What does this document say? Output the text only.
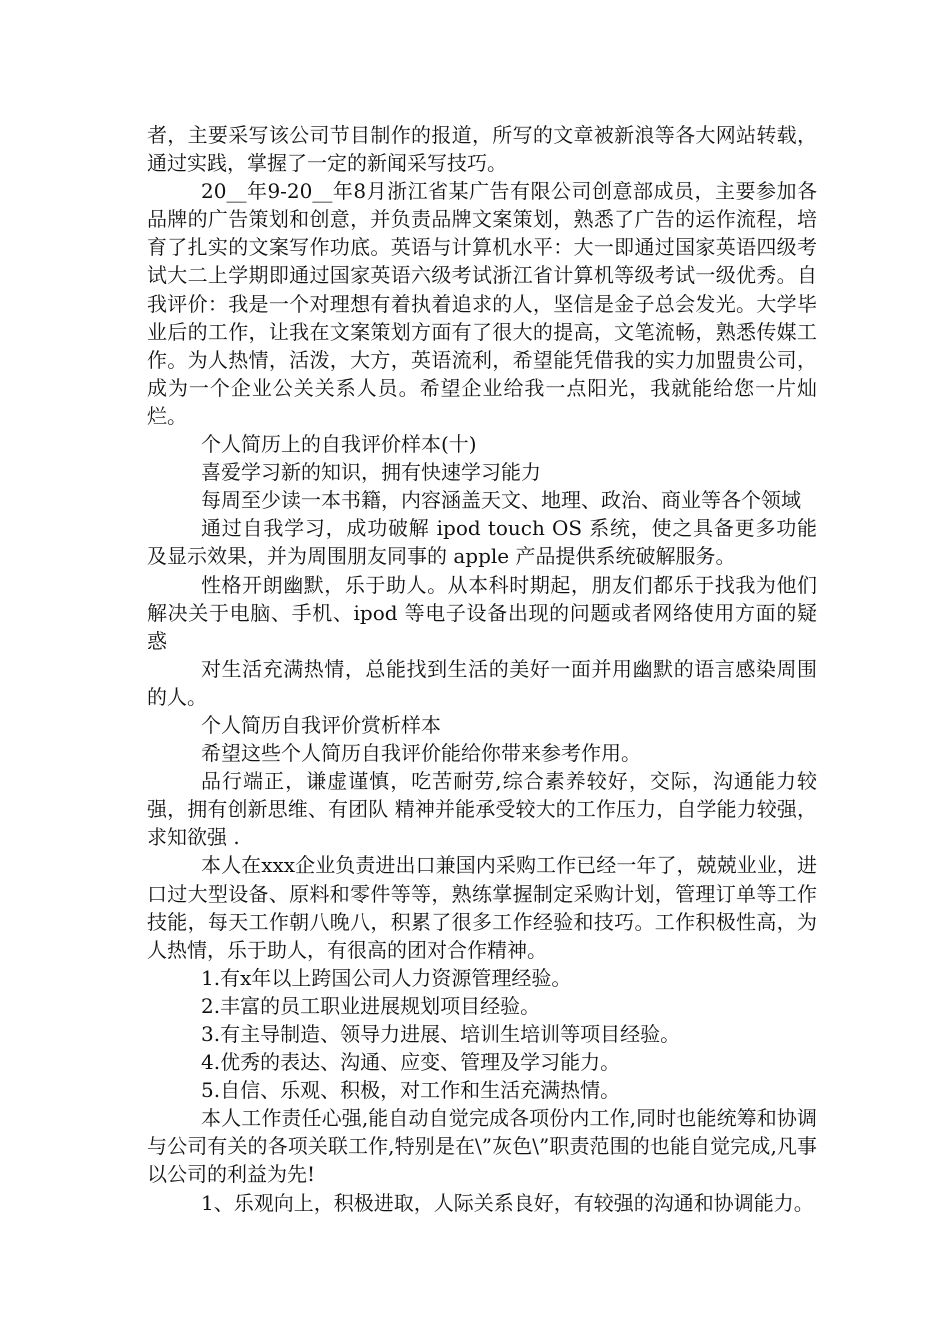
者，主要采写该公司节目制作的报道，所写的文章被新浪等各大网站转载，通过实践，掌握了一定的新闻采写技巧。

20__年9-20__年8月浙江省某广告有限公司创意部成员，主要参加各品牌的广告策划和创意，并负责品牌文案策划，熟悉了广告的运作流程，培育了扎实的文案写作功底。英语与计算机水平：大一即通过国家英语四级考试大二上学期即通过国家英语六级考试浙江省计算机等级考试一级优秀。自我评价：我是一个对理想有着执着追求的人，坚信是金子总会发光。大学毕业后的工作，让我在文案策划方面有了很大的提高，文笔流畅，熟悉传媒工作。为人热情，活泼，大方，英语流利，希望能凭借我的实力加盟贵公司，成为一个企业公关关系人员。希望企业给我一点阳光，我就能给您一片灿烂。

个人简历上的自我评价样本(十)

喜爱学习新的知识，拥有快速学习能力

每周至少读一本书籍，内容涵盖天文、地理、政治、商业等各个领域

通过自我学习，成功破解 ipod touch OS 系统，使之具备更多功能及显示效果，并为周围朋友同事的 apple 产品提供系统破解服务。

性格开朗幽默，乐于助人。从本科时期起，朋友们都乐于找我为他们解决关于电脑、手机、ipod 等电子设备出现的问题或者网络使用方面的疑惑

对生活充满热情，总能找到生活的美好一面并用幽默的语言感染周围的人。

个人简历自我评价赏析样本

希望这些个人简历自我评价能给你带来参考作用。

品行端正，谦虚谨慎，吃苦耐劳,综合素养较好，交际，沟通能力较强，拥有创新思维、有团队 精神并能承受较大的工作压力，自学能力较强，求知欲强 .

本人在xxx企业负责进出口兼国内采购工作已经一年了，兢兢业业，进口过大型设备、原料和零件等等，熟练掌握制定采购计划，管理订单等工作技能，每天工作朝八晚八，积累了很多工作经验和技巧。工作积极性高，为人热情，乐于助人，有很高的团对合作精神。

1.有x年以上跨国公司人力资源管理经验。

2.丰富的员工职业进展规划项目经验。

3.有主导制造、领导力进展、培训生培训等项目经验。

4.优秀的表达、沟通、应变、管理及学习能力。

5.自信、乐观、积极，对工作和生活充满热情。

本人工作责任心强,能自动自觉完成各项份内工作,同时也能统筹和协调与公司有关的各项关联工作,特别是在\”灰色\”职责范围的也能自觉完成,凡事以公司的利益为先!

1、乐观向上，积极进取，人际关系良好，有较强的沟通和协调能力。
